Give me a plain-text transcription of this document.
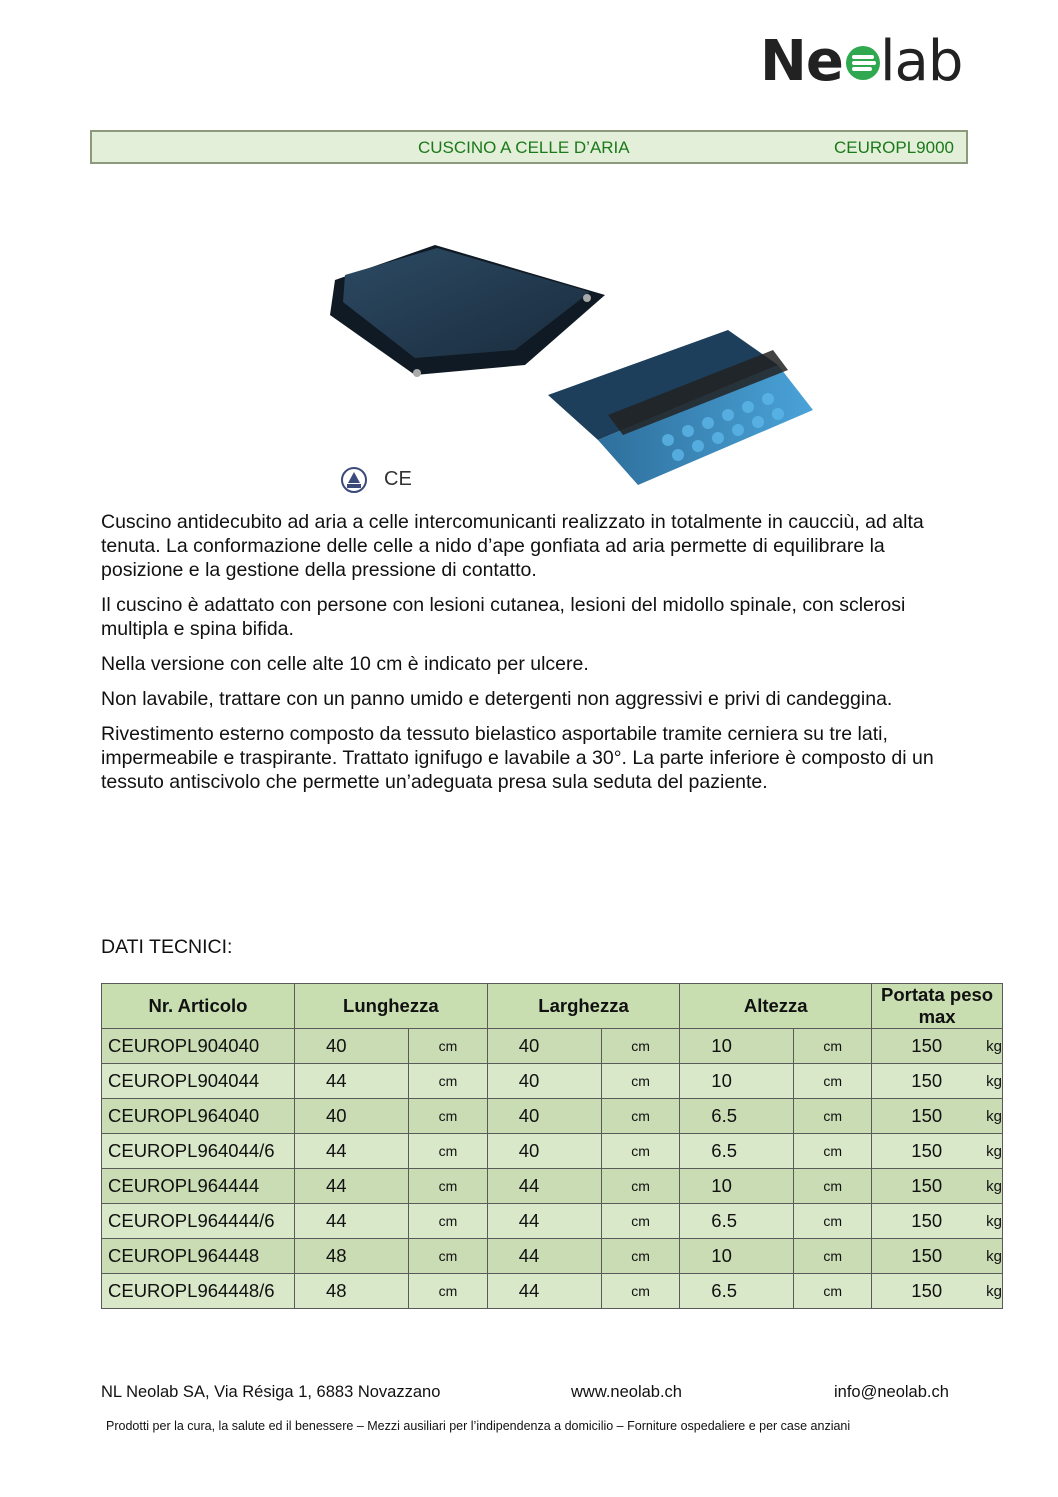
Ne lab
CUSCINO A CELLE D’ARIA	CEUROPL9000
CE

Cuscino antidecubito ad aria a celle intercomunicanti realizzato in totalmente in caucciù, ad alta tenuta. La conformazione delle celle a nido d’ape gonfiata ad aria permette di equilibrare la posizione e la gestione della pressione di contatto.

Il cuscino è adattato con persone con lesioni cutanea, lesioni del midollo spinale, con sclerosi multipla e spina bifida.

Nella versione con celle alte 10 cm è indicato per ulcere.

Non lavabile, trattare con un panno umido e detergenti non aggressivi e privi di candeggina.

Rivestimento esterno composto da tessuto bielastico asportabile tramite cerniera su tre lati, impermeabile e traspirante. Trattato ignifugo e lavabile a 30°. La parte inferiore è composto di un tessuto antiscivolo che permette un’adeguata presa sula seduta del paziente.

DATI TECNICI:
Nr. Articolo	Lunghezza		Larghezza		Altezza		Portata peso max
CEUROPL904040	40	cm	40	cm	10	cm	150 kg

CEUROPL904044	44	cm	40	cm	10	cm	150 kg

CEUROPL964040	40	cm	40	cm	6.5	cm	150 kg

CEUROPL964044/6	44	cm	40	cm	6.5	cm	150 kg

CEUROPL964444	44	cm	44	cm	10	cm	150 kg

CEUROPL964444/6	44	cm	44	cm	6.5	cm	150 kg

CEUROPL964448	48	cm	44	cm	10	cm	150 kg

CEUROPL964448/6	48	cm	44	cm	6.5	cm	150 kg
NL Neolab SA, Via Résiga 1, 6883 Novazzano	www.neolab.ch	info@neolab.ch
Prodotti per la cura, la salute ed il benessere – Mezzi ausiliari per l’indipendenza a domicilio – Forniture ospedaliere e per case anziani
